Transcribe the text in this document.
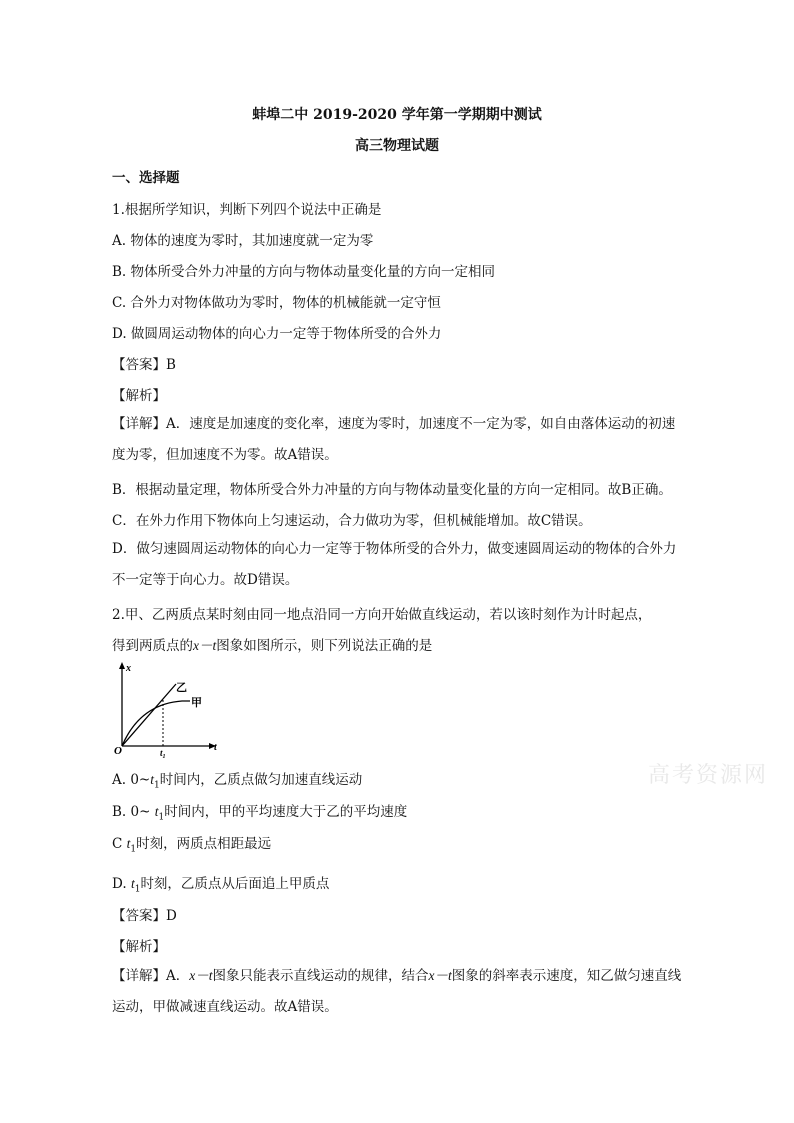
蚌埠二中 2019-2020 学年第一学期期中测试
高三物理试题
一、选择题
1.根据所学知识，判断下列四个说法中正确是
A. 物体的速度为零时，其加速度就一定为零
B. 物体所受合外力冲量的方向与物体动量变化量的方向一定相同
C. 合外力对物体做功为零时，物体的机械能就一定守恒
D. 做圆周运动物体的向心力一定等于物体所受的合外力
【答案】B
【解析】
【详解】A．速度是加速度的变化率，速度为零时，加速度不一定为零，如自由落体运动的初速度为零，但加速度不为零。故A错误。
B．根据动量定理，物体所受合外力冲量的方向与物体动量变化量的方向一定相同。故B正确。
C．在外力作用下物体向上匀速运动，合力做功为零，但机械能增加。故C错误。
D．做匀速圆周运动物体的向心力一定等于物体所受的合外力，做变速圆周运动的物体的合外力不一定等于向心力。故D错误。
2.甲、乙两质点某时刻由同一地点沿同一方向开始做直线运动，若以该时刻作为计时起点，
得到两质点的x－t图象如图所示，则下列说法正确的是
x
t
O	$t_1$
乙
甲
A. $0\sim t_1$时间内，乙质点做匀加速直线运动
B. 0~ $t_1$时间内，甲的平均速度大于乙的平均速度
C $t_1$时刻，两质点相距最远
D. $t_1$时刻，乙质点从后面追上甲质点
【答案】D
【解析】
【详解】A．x－t图象只能表示直线运动的规律，结合x－t图象的斜率表示速度，知乙做匀速直线运动，甲做减速直线运动。故A错误。
高考资源网
